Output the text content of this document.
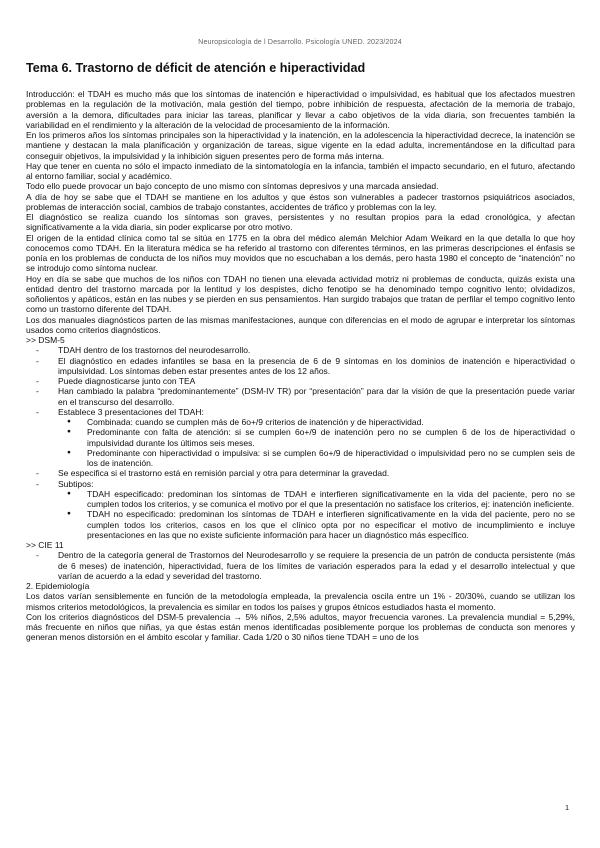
Neuropsicología de l Desarrollo. Psicología UNED. 2023/2024
Tema 6. Trastorno de déficit de atención e hiperactividad

Introducción: el TDAH es mucho más que los síntomas de inatención e hiperactividad o impulsividad, es habitual que los afectados muestren problemas en la regulación de la motivación, mala gestión del tiempo, pobre inhibición de respuesta, afectación de la memoria de trabajo, aversión a la demora, dificultades para iniciar las tareas, planificar y llevar a cabo objetivos de la vida diaria, son frecuentes también la variabilidad en el rendimiento y la alteración de la velocidad de procesamiento de la información.

En los primeros años los síntomas principales son la hiperactividad y la inatención, en la adolescencia la hiperactividad decrece, la inatención se mantiene y destacan la mala planificación y organización de tareas, sigue vigente en la edad adulta, incrementándose en la dificultad para conseguir objetivos, la impulsividad y la inhibición siguen presentes pero de forma más interna.

Hay que tener en cuenta no sólo el impacto inmediato de la sintomatología en la infancia, también el impacto secundario, en el futuro, afectando al entorno familiar, social y académico.

Todo ello puede provocar un bajo concepto de uno mismo con síntomas depresivos y una marcada ansiedad.

A día de hoy se sabe que el TDAH se mantiene en los adultos y que éstos son vulnerables a padecer trastornos psiquiátricos asociados, problemas de interacción social, cambios de trabajo constantes, accidentes de tráfico y problemas con la ley.

El diagnóstico se realiza cuando los síntomas son graves, persistentes y no resultan propios para la edad cronológica, y afectan significativamente a la vida diaria, sin poder explicarse por otro motivo.

El origen de la entidad clínica como tal se sitúa en 1775 en la obra del médico alemán Melchior Adam Weikard en la que detalla lo que hoy conocemos como TDAH. En la literatura médica se ha referido al trastorno con diferentes términos, en las primeras descripciones el énfasis se ponía en los problemas de conducta de los niños muy movidos que no escuchaban a los demás, pero hasta 1980 el concepto de “inatención” no se introdujo como síntoma nuclear.

Hoy en día se sabe que muchos de los niños con TDAH no tienen una elevada actividad motriz ni problemas de conducta, quizás exista una entidad dentro del trastorno marcada por la lentitud y los despistes, dicho fenotipo se ha denominado tempo cognitivo lento; olvidadizos, soñolientos y apáticos, están en las nubes y se pierden en sus pensamientos. Han surgido trabajos que tratan de perfilar el tempo cognitivo lento como un trastorno diferente del TDAH.

Los dos manuales diagnósticos parten de las mismas manifestaciones, aunque con diferencias en el modo de agrupar e interpretar los síntomas usados como criterios diagnósticos.

>> DSM-5

- TDAH dentro de los trastornos del neurodesarrollo.
- El diagnóstico en edades infantiles se basa en la presencia de 6 de 9 síntomas en los dominios de inatención e hiperactividad o impulsividad. Los síntomas deben estar presentes antes de los 12 años.
- Puede diagnosticarse junto con TEA
- Han cambiado la palabra “predominantemente” (DSM-IV TR) por “presentación” para dar la visión de que la presentación puede variar en el transcurso del desarrollo.
- Establece 3 presentaciones del TDAH:
● Combinada: cuando se cumplen más de 6o+/9 criterios de inatención y de hiperactividad.
● Predominante con falta de atención: si se cumplen 6o+/9 de inatención pero no se cumplen 6 de los de hiperactividad o impulsividad durante los últimos seis meses.
● Predominante con hiperactividad o impulsiva: si se cumplen 6o+/9 de hiperactividad o impulsividad pero no se cumplen seis de los de inatención.
- Se especifica si el trastorno está en remisión parcial y otra para determinar la gravedad.
- Subtipos:
● TDAH especificado: predominan los síntomas de TDAH e interfieren significativamente en la vida del paciente, pero no se cumplen todos los criterios, y se comunica el motivo por el que la presentación no satisface los criterios, ej: inatención ineficiente.
● TDAH no especificado: predominan los síntomas de TDAH e interfieren significativamente en la vida del paciente, pero no se cumplen todos los criterios, casos en los que el clínico opta por no especificar el motivo de incumplimiento e incluye presentaciones en las que no existe suficiente información para hacer un diagnóstico más específico.

>> CIE 11

- Dentro de la categoría general de Trastornos del Neurodesarrollo y se requiere la presencia de un patrón de conducta persistente (más de 6 meses) de inatención, hiperactividad, fuera de los límites de variación esperados para la edad y el desarrollo intelectual y que varían de acuerdo a la edad y severidad del trastorno.

2. Epidemiología

Los datos varían sensiblemente en función de la metodología empleada, la prevalencia oscila entre un 1% - 20/30%, cuando se utilizan los mismos criterios metodológicos, la prevalencia es similar en todos los países y grupos étnicos estudiados hasta el momento.

Con los criterios diagnósticos del DSM-5 prevalencia → 5% niños, 2,5% adultos, mayor frecuencia varones. La prevalencia mundial = 5,29%, más frecuente en niños que niñas, ya que éstas están menos identificadas posiblemente porque los problemas de conducta son menores y generan menos distorsión en el ámbito escolar y familiar. Cada 1/20 o 30 niños tiene TDAH = uno de los

1
